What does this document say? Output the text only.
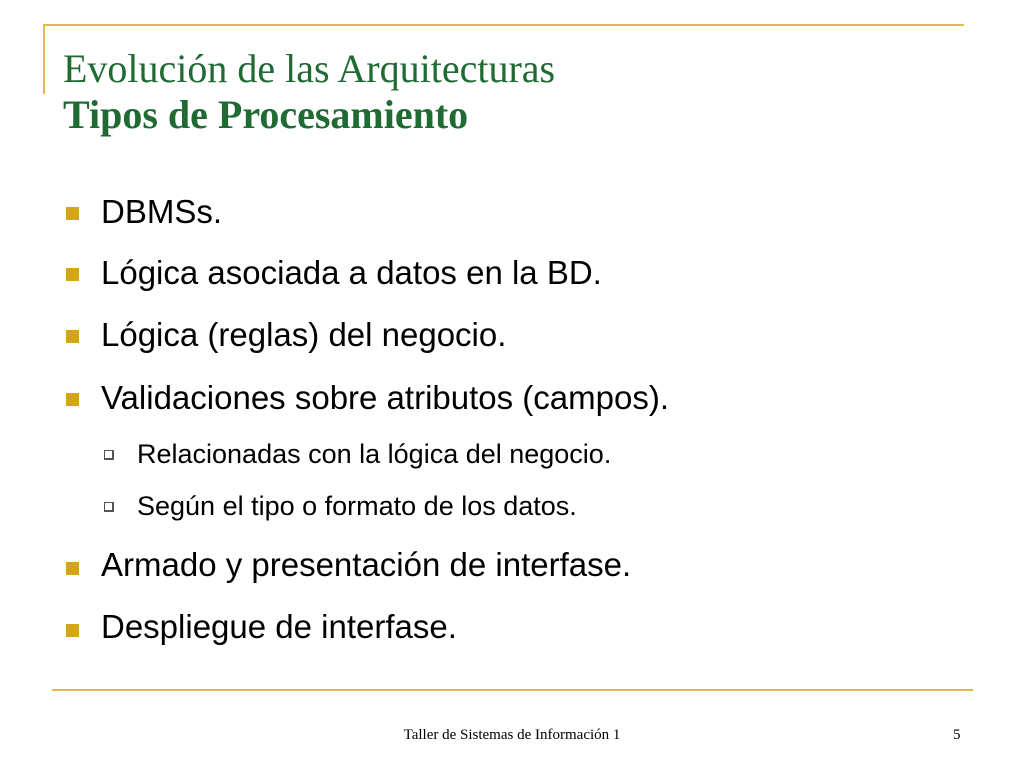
Evolución de las Arquitecturas
Tipos de Procesamiento
DBMSs.
Lógica asociada a datos en la BD.
Lógica (reglas) del negocio.
Validaciones sobre atributos (campos).
Relacionadas con la lógica del negocio.
Según el tipo o formato de los datos.
Armado y presentación de interfase.
Despliegue de interfase.
Taller de Sistemas de Información 1	5
